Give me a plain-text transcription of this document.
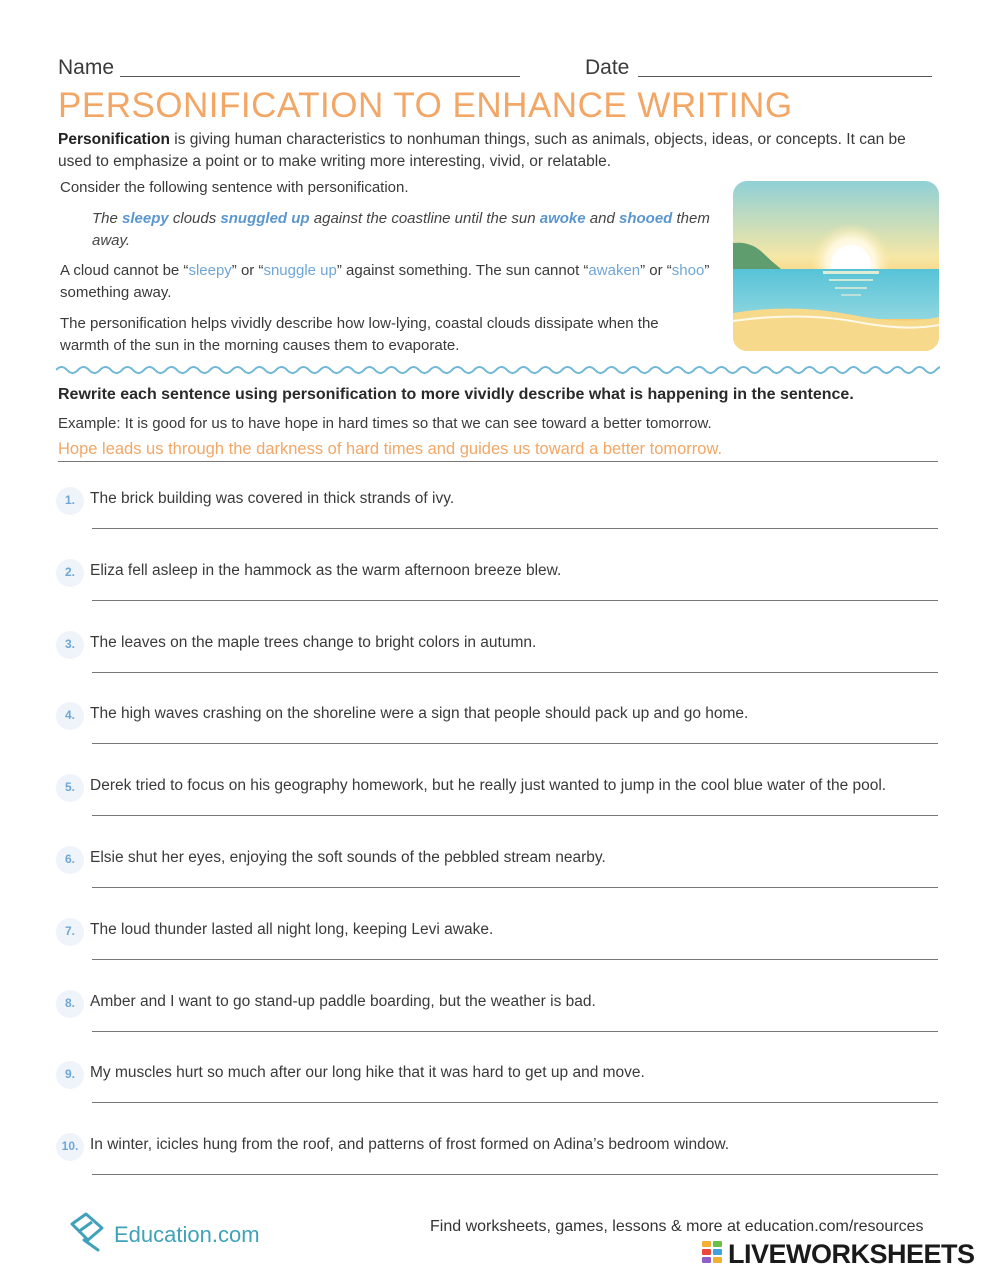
Name	Date
PERSONIFICATION TO ENHANCE WRITING
Personification is giving human characteristics to nonhuman things, such as animals, objects, ideas, or concepts. It can be used to emphasize a point or to make writing more interesting, vivid, or relatable.
Consider the following sentence with personification.
The sleepy clouds snuggled up against the coastline until the sun awoke and shooed them away.
A cloud cannot be “sleepy” or “snuggle up” against something. The sun cannot “awaken” or “shoo” something away.
The personification helps vividly describe how low-lying, coastal clouds dissipate when the warmth of the sun in the morning causes them to evaporate.
Rewrite each sentence using personification to more vividly describe what is happening in the sentence.
Example: It is good for us to have hope in hard times so that we can see toward a better tomorrow.
Hope leads us through the darkness of hard times and guides us toward a better tomorrow.
1. The brick building was covered in thick strands of ivy.
2. Eliza fell asleep in the hammock as the warm afternoon breeze blew.
3. The leaves on the maple trees change to bright colors in autumn.
4. The high waves crashing on the shoreline were a sign that people should pack up and go home.
5. Derek tried to focus on his geography homework, but he really just wanted to jump in the cool blue water of the pool.
6. Elsie shut her eyes, enjoying the soft sounds of the pebbled stream nearby.
7. The loud thunder lasted all night long, keeping Levi awake.
8. Amber and I want to go stand-up paddle boarding, but the weather is bad.
9. My muscles hurt so much after our long hike that it was hard to get up and move.
10. In winter, icicles hung from the roof, and patterns of frost formed on Adina’s bedroom window.
Education.com	Find worksheets, games, lessons & more at education.com/resources
LIVEWORKSHEETS
